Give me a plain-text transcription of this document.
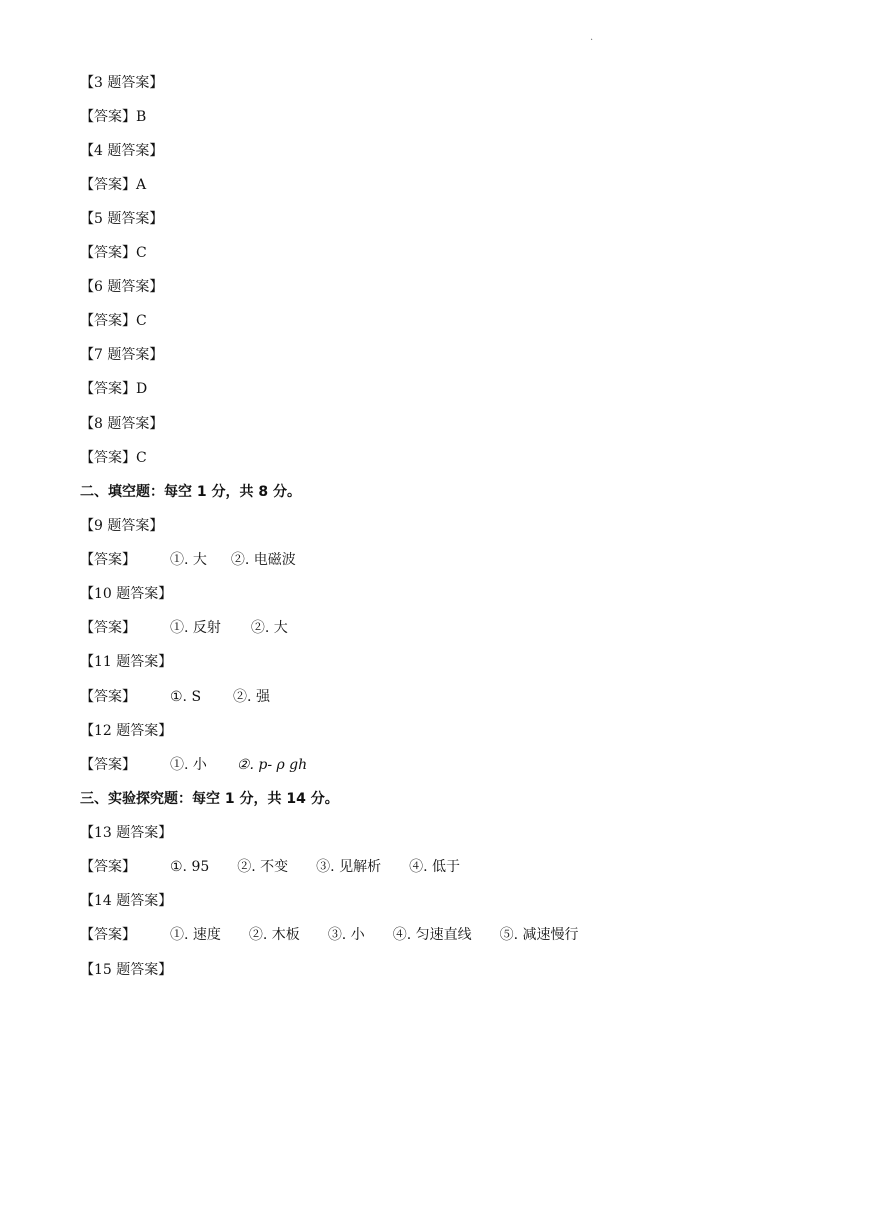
.
【3 题答案】
【答案】B
【4 题答案】
【答案】A
【5 题答案】
【答案】C
【6 题答案】
【答案】C
【7 题答案】
【答案】D
【8 题答案】
【答案】C
二、填空题：每空 1 分，共 8 分。
【9 题答案】
【答案】	①. 大 ②. 电磁波
【10 题答案】
【答案】	①. 反射 ②. 大
【11 题答案】
【答案】	①. S ②. 强
【12 题答案】
【答案】	①. 小 ②. p- ρ gh
三、实验探究题：每空 1 分，共 14 分。
【13 题答案】
【答案】	①. 95 ②. 不变 ③. 见解析 ④. 低于
【14 题答案】
【答案】	①. 速度 ②. 木板 ③. 小 ④. 匀速直线 ⑤. 减速慢行
【15 题答案】
